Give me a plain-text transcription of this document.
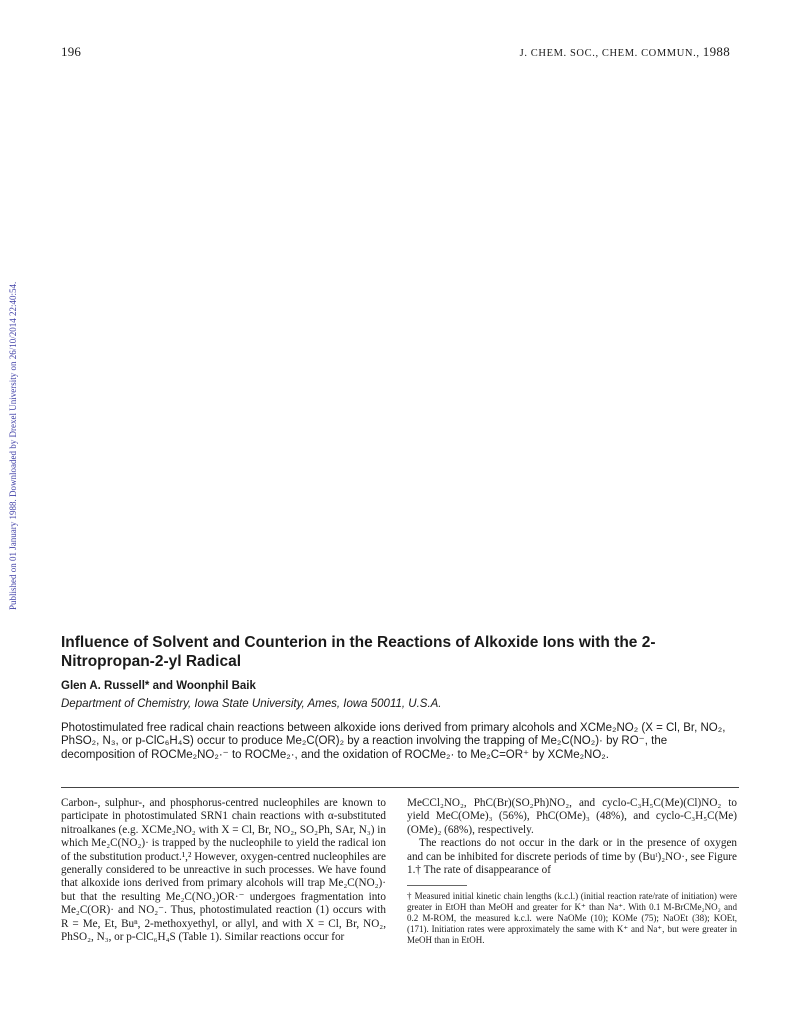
196	J. CHEM. SOC., CHEM. COMMUN., 1988
Published on 01 January 1988. Downloaded by Drexel University on 26/10/2014 22:40:54.
Influence of Solvent and Counterion in the Reactions of Alkoxide Ions with the 2-Nitropropan-2-yl Radical
Glen A. Russell* and Woonphil Baik
Department of Chemistry, Iowa State University, Ames, Iowa 50011, U.S.A.

Photostimulated free radical chain reactions between alkoxide ions derived from primary alcohols and XCMe₂NO₂ (X = Cl, Br, NO₂, PhSO₂, N₃, or p-ClC₆H₄S) occur to produce Me₂C(OR)₂ by a reaction involving the trapping of Me₂C(NO₂)· by RO⁻, the decomposition of ROCMe₂NO₂·⁻ to ROCMe₂·, and the oxidation of ROCMe₂· to Me₂C=OR⁺ by XCMe₂NO₂.

Carbon-, sulphur-, and phosphorus-centred nucleophiles are known to participate in photostimulated SRN1 chain reactions with α-substituted nitroalkanes (e.g. XCMe₂NO₂ with X = Cl, Br, NO₂, SO₂Ph, SAr, N₃) in which Me₂C(NO₂)· is trapped by the nucleophile to yield the radical ion of the substitution product.¹,² However, oxygen-centred nucleophiles are generally considered to be unreactive in such processes. We have found that alkoxide ions derived from primary alcohols will trap Me₂C(NO₂)· but that the resulting Me₂C(NO₂)OR·⁻ undergoes fragmentation into Me₂C(OR)· and NO₂⁻. Thus, photostimulated reaction (1) occurs with R = Me, Et, Buⁿ, 2-methoxyethyl, or allyl, and with X = Cl, Br, NO₂, PhSO₂, N₃, or p-ClC₆H₄S (Table 1). Similar reactions occur for

MeCCl₂NO₂, PhC(Br)(SO₂Ph)NO₂, and cyclo-C₃H₅C(Me)(Cl)NO₂ to yield MeC(OMe)₃ (56%), PhC(OMe)₃ (48%), and cyclo-C₃H₅C(Me)(OMe)₂ (68%), respectively.

The reactions do not occur in the dark or in the presence of oxygen and can be inhibited for discrete periods of time by (Buᵗ)₂NO·, see Figure 1.† The rate of disappearance of

† Measured initial kinetic chain lengths (k.c.l.) (initial reaction rate/rate of initiation) were greater in EtOH than MeOH and greater for K⁺ than Na⁺. With 0.1 M-BrCMe₂NO₂ and 0.2 M-ROM, the measured k.c.l. were NaOMe (10); KOMe (75); NaOEt (38); KOEt, (171). Initiation rates were approximately the same with K⁺ and Na⁺, but were greater in MeOH than in EtOH.
